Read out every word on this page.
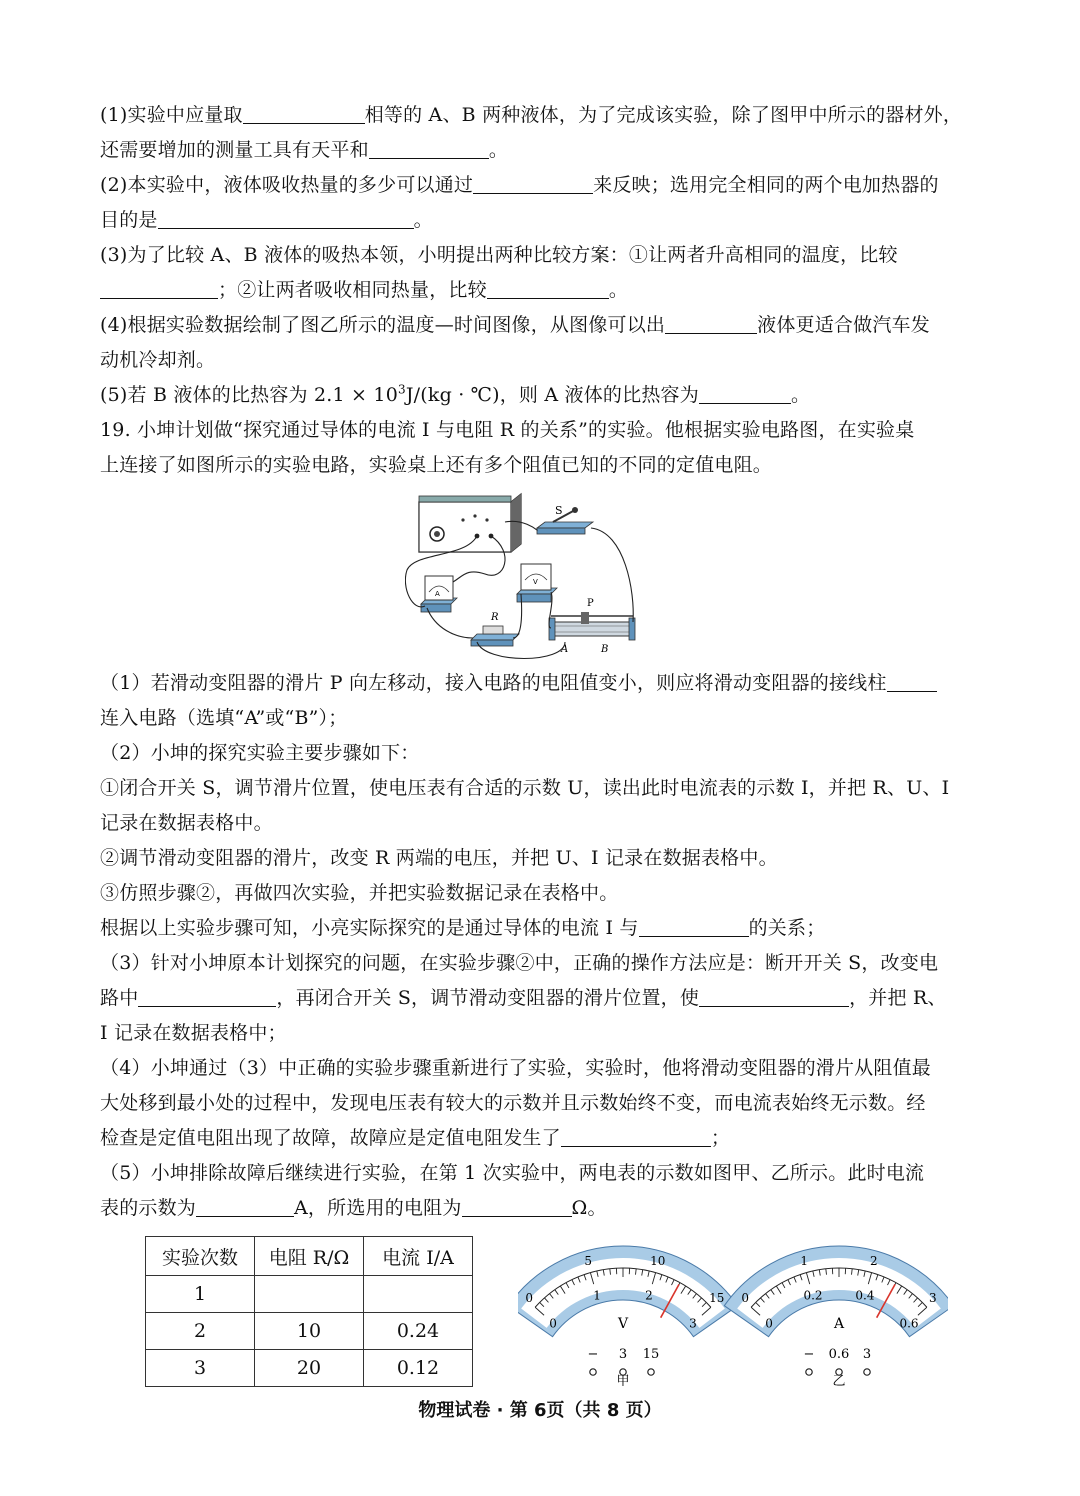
(1)实验中应量取	相等的 A、B 两种液体，为了完成该实验，除了图甲中所示的器材外，
还需要增加的测量工具有天平和	。
(2)本实验中，液体吸收热量的多少可以通过	来反映；选用完全相同的两个电加热器的
目的是	。
(3)为了比较 A、B 液体的吸热本领，小明提出两种比较方案：①让两者升高相同的温度，比较
；②让两者吸收相同热量，比较	。
(4)根据实验数据绘制了图乙所示的温度—时间图像，从图像可以出	液体更适合做汽车发
动机冷却剂。
(5)若 B 液体的比热容为 $2.1 \times 10^3J/(kg$ · ℃)，则 A 液体的比热容为	。
19. 小坤计划做“探究通过导体的电流 I 与电阻 R 的关系”的实验。他根据实验电路图，在实验桌
上连接了如图所示的实验电路，实验桌上还有多个阻值已知的不同的定值电阻。
S
A
V
R
P
A	B
（1）若滑动变阻器的滑片 P 向左移动，接入电路的电阻值变小，则应将滑动变阻器的接线柱
连入电路（选填“A”或“B”）；
（2）小坤的探究实验主要步骤如下：
①闭合开关 S，调节滑片位置，使电压表有合适的示数 U，读出此时电流表的示数 I，并把 R、U、I
记录在数据表格中。
②调节滑动变阻器的滑片，改变 R 两端的电压，并把 U、I 记录在数据表格中。
③仿照步骤②，再做四次实验，并把实验数据记录在表格中。
根据以上实验步骤可知，小亮实际探究的是通过导体的电流 I 与	的关系；
（3）针对小坤原本计划探究的问题，在实验步骤②中，正确的操作方法应是：断开开关 S，改变电
路中	，再闭合开关 S，调节滑动变阻器的滑片位置，使	，并把 R、
I 记录在数据表格中；
（4）小坤通过（3）中正确的实验步骤重新进行了实验，实验时，他将滑动变阻器的滑片从阻值最
大处移到最小处的过程中，发现电压表有较大的示数并且示数始终不变，而电流表始终无示数。经
检查是定值电阻出现了故障，故障应是定值电阻发生了	；
（5）小坤排除故障后继续进行实验，在第 1 次实验中，两电表的示数如图甲、乙所示。此时电流
表的示数为	A，所选用的电阻为	Ω。
实验次数	电阻 R/Ω	电流 I/A
1		
2	10	0.24
3	20	0.12
0
5	10
15
0
1	2
3
V
− 3 15
甲
0
1	2
3
0
0.2	0.4
0.6
A
− 0.6 3
乙
物理试卷 · 第 6页（共 8 页）
